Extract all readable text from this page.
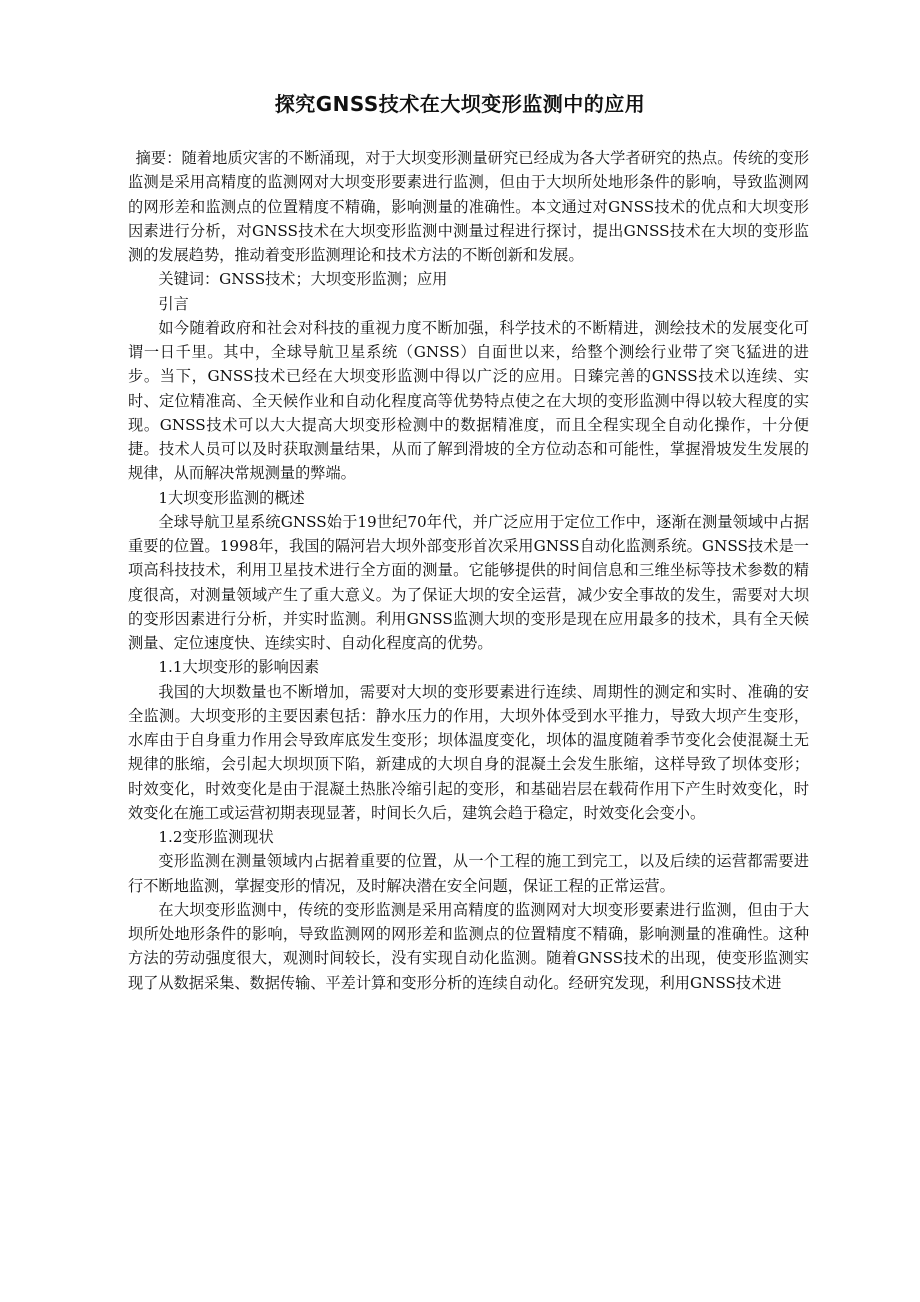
探究GNSS技术在大坝变形监测中的应用

摘要：随着地质灾害的不断涌现，对于大坝变形测量研究已经成为各大学者研究的热点。传统的变形监测是采用高精度的监测网对大坝变形要素进行监测，但由于大坝所处地形条件的影响，导致监测网的网形差和监测点的位置精度不精确，影响测量的准确性。本文通过对GNSS技术的优点和大坝变形因素进行分析，对GNSS技术在大坝变形监测中测量过程进行探讨，提出GNSS技术在大坝的变形监测的发展趋势，推动着变形监测理论和技术方法的不断创新和发展。

关键词：GNSS技术；大坝变形监测；应用

引言

如今随着政府和社会对科技的重视力度不断加强，科学技术的不断精进，测绘技术的发展变化可谓一日千里。其中，全球导航卫星系统（GNSS）自面世以来，给整个测绘行业带了突飞猛进的进步。当下，GNSS技术已经在大坝变形监测中得以广泛的应用。日臻完善的GNSS技术以连续、实时、定位精准高、全天候作业和自动化程度高等优势特点使之在大坝的变形监测中得以较大程度的实现。GNSS技术可以大大提高大坝变形检测中的数据精准度，而且全程实现全自动化操作，十分便捷。技术人员可以及时获取测量结果，从而了解到滑坡的全方位动态和可能性，掌握滑坡发生发展的规律，从而解决常规测量的弊端。

1大坝变形监测的概述

全球导航卫星系统GNSS始于19世纪70年代，并广泛应用于定位工作中，逐渐在测量领域中占据重要的位置。1998年，我国的隔河岩大坝外部变形首次采用GNSS自动化监测系统。GNSS技术是一项高科技技术，利用卫星技术进行全方面的测量。它能够提供的时间信息和三维坐标等技术参数的精度很高，对测量领域产生了重大意义。为了保证大坝的安全运营，减少安全事故的发生，需要对大坝的变形因素进行分析，并实时监测。利用GNSS监测大坝的变形是现在应用最多的技术，具有全天候测量、定位速度快、连续实时、自动化程度高的优势。

1.1大坝变形的影响因素

我国的大坝数量也不断增加，需要对大坝的变形要素进行连续、周期性的测定和实时、准确的安全监测。大坝变形的主要因素包括：静水压力的作用，大坝外体受到水平推力，导致大坝产生变形，水库由于自身重力作用会导致库底发生变形；坝体温度变化，坝体的温度随着季节变化会使混凝土无规律的胀缩，会引起大坝坝顶下陷，新建成的大坝自身的混凝土会发生胀缩，这样导致了坝体变形；时效变化，时效变化是由于混凝土热胀冷缩引起的变形，和基础岩层在载荷作用下产生时效变化，时效变化在施工或运营初期表现显著，时间长久后，建筑会趋于稳定，时效变化会变小。

1.2变形监测现状

变形监测在测量领域内占据着重要的位置，从一个工程的施工到完工，以及后续的运营都需要进行不断地监测，掌握变形的情况，及时解决潜在安全问题，保证工程的正常运营。

在大坝变形监测中，传统的变形监测是采用高精度的监测网对大坝变形要素进行监测，但由于大坝所处地形条件的影响，导致监测网的网形差和监测点的位置精度不精确，影响测量的准确性。这种方法的劳动强度很大，观测时间较长，没有实现自动化监测。随着GNSS技术的出现，使变形监测实现了从数据采集、数据传输、平差计算和变形分析的连续自动化。经研究发现，利用GNSS技术进
